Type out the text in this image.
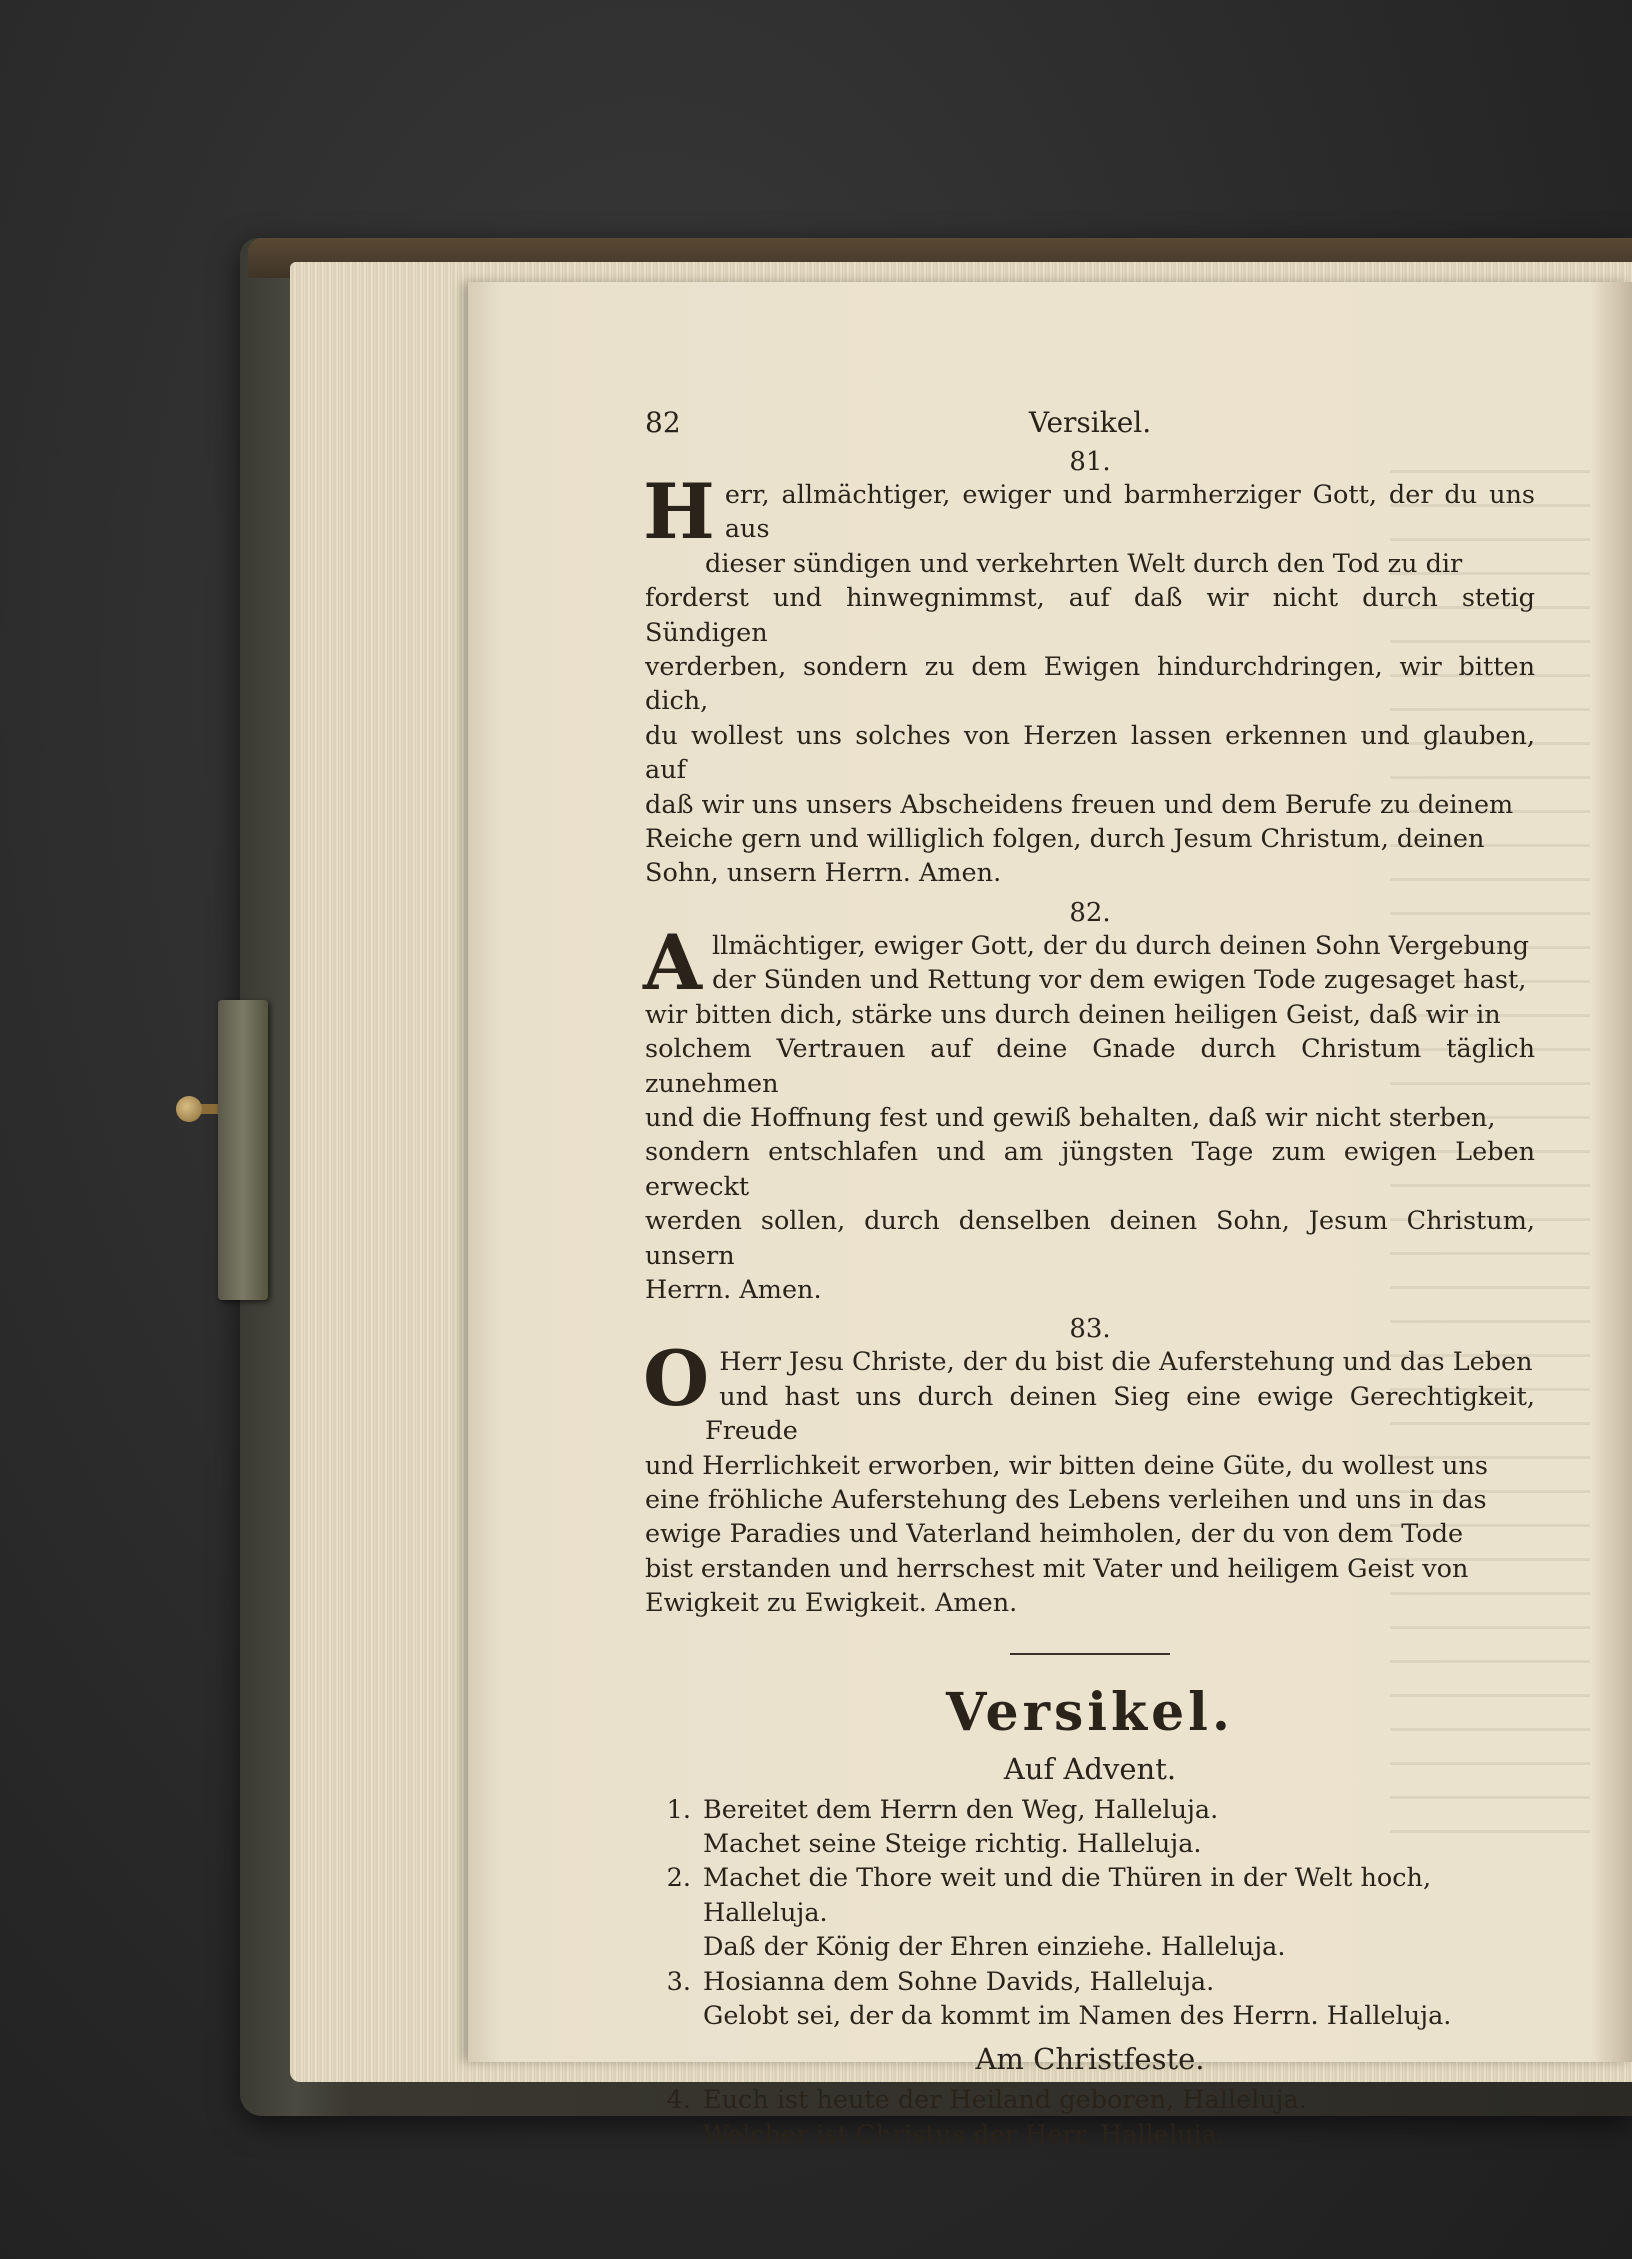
82	Versikel.
81.
H err, allmächtiger, ewiger und barmherziger Gott, der du uns aus

dieser sündigen und verkehrten Welt durch den Tod zu dir

forderst und hinwegnimmst, auf daß wir nicht durch stetig Sündigen

verderben, sondern zu dem Ewigen hindurchdringen, wir bitten dich,

du wollest uns solches von Herzen lassen erkennen und glauben, auf

daß wir uns unsers Abscheidens freuen und dem Berufe zu deinem

Reiche gern und williglich folgen, durch Jesum Christum, deinen

Sohn, unsern Herrn. Amen.

82.
A llmächtiger, ewiger Gott, der du durch deinen Sohn Vergebung

der Sünden und Rettung vor dem ewigen Tode zugesaget hast,

wir bitten dich, stärke uns durch deinen heiligen Geist, daß wir in

solchem Vertrauen auf deine Gnade durch Christum täglich zunehmen

und die Hoffnung fest und gewiß behalten, daß wir nicht sterben,

sondern entschlafen und am jüngsten Tage zum ewigen Leben erweckt

werden sollen, durch denselben deinen Sohn, Jesum Christum, unsern

Herrn. Amen.

83.
O Herr Jesu Christe, der du bist die Auferstehung und das Leben

und hast uns durch deinen Sieg eine ewige Gerechtigkeit, Freude

und Herrlichkeit erworben, wir bitten deine Güte, du wollest uns

eine fröhliche Auferstehung des Lebens verleihen und uns in das

ewige Paradies und Vaterland heimholen, der du von dem Tode

bist erstanden und herrschest mit Vater und heiligem Geist von

Ewigkeit zu Ewigkeit. Amen.

Versikel.
Auf Advent.
1. Bereitet dem Herrn den Weg, Halleluja.
Machet seine Steige richtig. Halleluja.
2. Machet die Thore weit und die Thüren in der Welt hoch,
Halleluja.
Daß der König der Ehren einziehe. Halleluja.
3. Hosianna dem Sohne Davids, Halleluja.
Gelobt sei, der da kommt im Namen des Herrn. Halleluja.
Am Christfeste.
4. Euch ist heute der Heiland geboren, Halleluja.
Welcher ist Christus der Herr. Halleluja.
